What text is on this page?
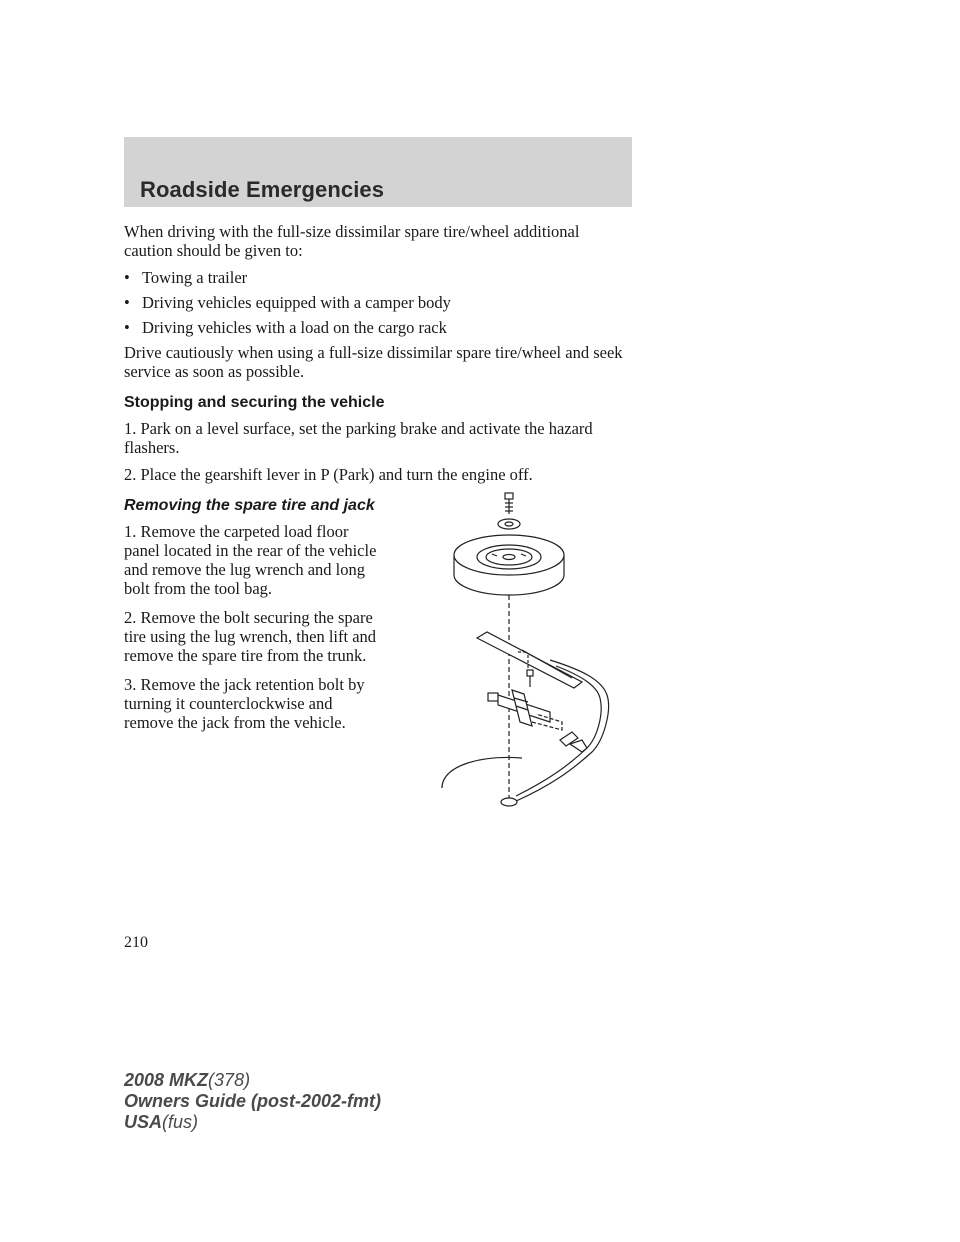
Roadside Emergencies

When driving with the full-size dissimilar spare tire/wheel additional caution should be given to:

• Towing a trailer
• Driving vehicles equipped with a camper body
• Driving vehicles with a load on the cargo rack

Drive cautiously when using a full-size dissimilar spare tire/wheel and seek service as soon as possible.

Stopping and securing the vehicle

1. Park on a level surface, set the parking brake and activate the hazard flashers.

2. Place the gearshift lever in P (Park) and turn the engine off.

Removing the spare tire and jack

1. Remove the carpeted load floor panel located in the rear of the vehicle and remove the lug wrench and long bolt from the tool bag.

2. Remove the bolt securing the spare tire using the lug wrench, then lift and remove the spare tire from the trunk.

3. Remove the jack retention bolt by turning it counterclockwise and remove the jack from the vehicle.

210
2008 MKZ(378)
Owners Guide (post-2002-fmt)
USA(fus)
